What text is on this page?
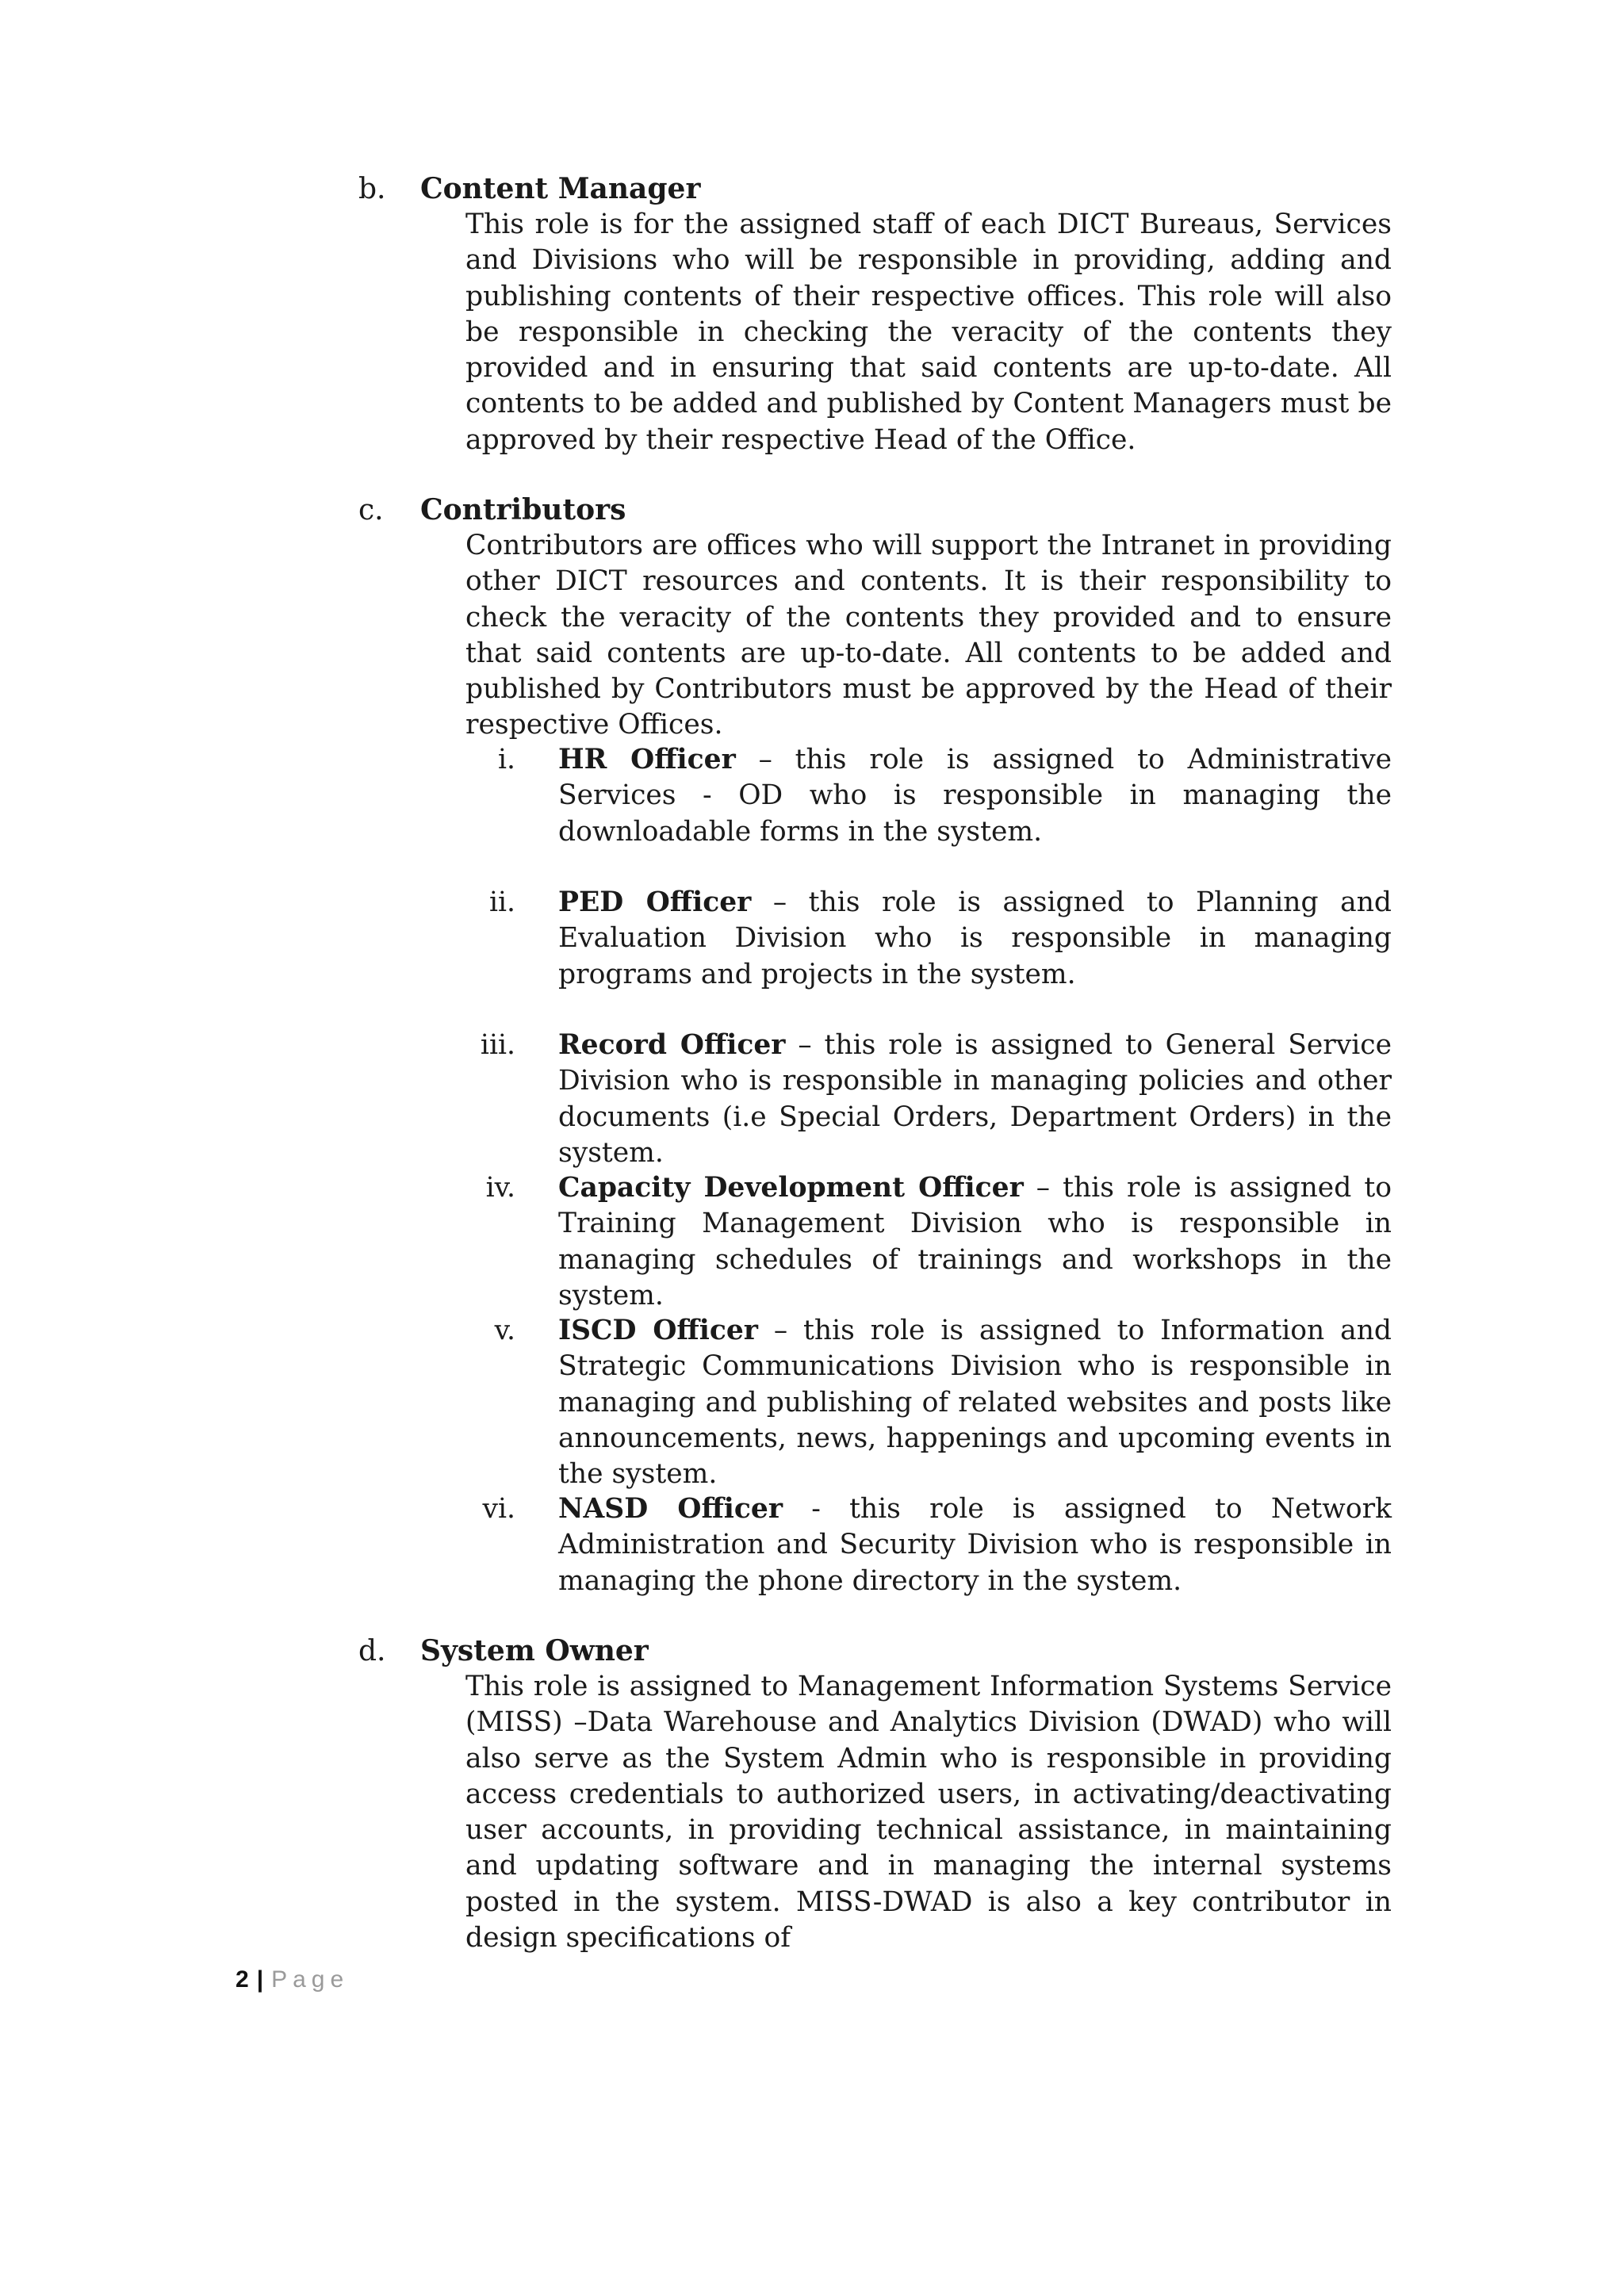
b. Content Manager
This role is for the assigned staff of each DICT Bureaus, Services and Divisions who will be responsible in providing, adding and publishing contents of their respective offices. This role will also be responsible in checking the veracity of the contents they provided and in ensuring that said contents are up-to-date. All contents to be added and published by Content Managers must be approved by their respective Head of the Office.
c. Contributors
Contributors are offices who will support the Intranet in providing other DICT resources and contents. It is their responsibility to check the veracity of the contents they provided and to ensure that said contents are up-to-date. All contents to be added and published by Contributors must be approved by the Head of their respective Offices.
i. HR Officer – this role is assigned to Administrative Services - OD who is responsible in managing the downloadable forms in the system.
ii. PED Officer – this role is assigned to Planning and Evaluation Division who is responsible in managing programs and projects in the system.
iii. Record Officer – this role is assigned to General Service Division who is responsible in managing policies and other documents (i.e Special Orders, Department Orders) in the system.
iv. Capacity Development Officer – this role is assigned to Training Management Division who is responsible in managing schedules of trainings and workshops in the system.
v. ISCD Officer – this role is assigned to Information and Strategic Communications Division who is responsible in managing and publishing of related websites and posts like announcements, news, happenings and upcoming events in the system.
vi. NASD Officer - this role is assigned to Network Administration and Security Division who is responsible in managing the phone directory in the system.
d. System Owner
This role is assigned to Management Information Systems Service (MISS) –Data Warehouse and Analytics Division (DWAD) who will also serve as the System Admin who is responsible in providing access credentials to authorized users, in activating/deactivating user accounts, in providing technical assistance, in maintaining and updating software and in managing the internal systems posted in the system. MISS-DWAD is also a key contributor in design specifications of
2 | Page
